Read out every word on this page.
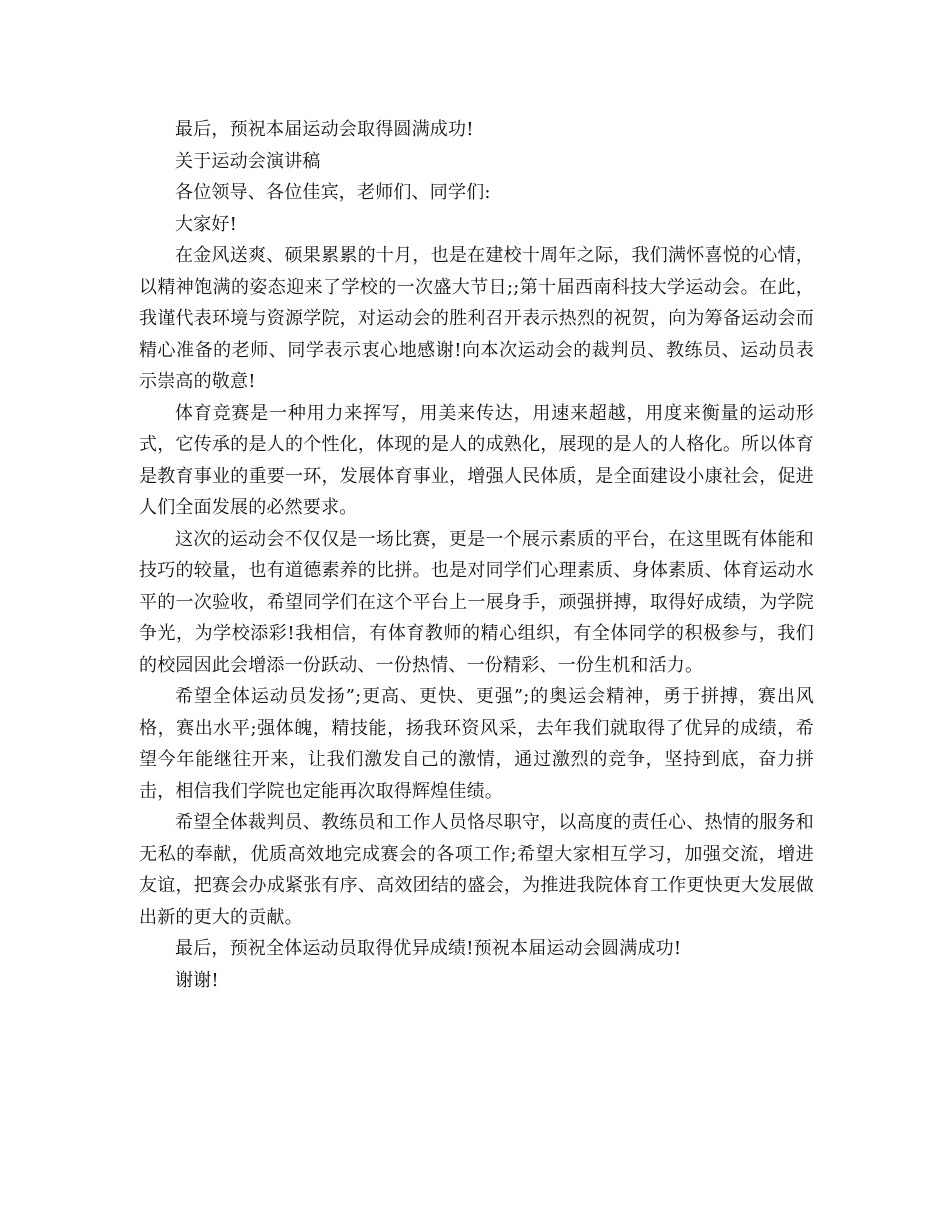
最后，预祝本届运动会取得圆满成功!

关于运动会演讲稿

各位领导、各位佳宾，老师们、同学们:

大家好!

在金风送爽、硕果累累的十月，也是在建校十周年之际，我们满怀喜悦的心情，以精神饱满的姿态迎来了学校的一次盛大节日;;第十届西南科技大学运动会。在此，我谨代表环境与资源学院，对运动会的胜利召开表示热烈的祝贺，向为筹备运动会而精心准备的老师、同学表示衷心地感谢!向本次运动会的裁判员、教练员、运动员表示崇高的敬意!

体育竞赛是一种用力来挥写，用美来传达，用速来超越，用度来衡量的运动形式，它传承的是人的个性化，体现的是人的成熟化，展现的是人的人格化。所以体育是教育事业的重要一环，发展体育事业，增强人民体质，是全面建设小康社会，促进人们全面发展的必然要求。

这次的运动会不仅仅是一场比赛，更是一个展示素质的平台，在这里既有体能和技巧的较量，也有道德素养的比拼。也是对同学们心理素质、身体素质、体育运动水平的一次验收，希望同学们在这个平台上一展身手，顽强拼搏，取得好成绩，为学院争光，为学校添彩!我相信，有体育教师的精心组织，有全体同学的积极参与，我们的校园因此会增添一份跃动、一份热情、一份精彩、一份生机和活力。

希望全体运动员发扬”;更高、更快、更强”;的奥运会精神，勇于拼搏，赛出风格，赛出水平;强体魄，精技能，扬我环资风采，去年我们就取得了优异的成绩，希望今年能继往开来，让我们激发自己的激情，通过激烈的竞争，坚持到底，奋力拼击，相信我们学院也定能再次取得辉煌佳绩。

希望全体裁判员、教练员和工作人员恪尽职守，以高度的责任心、热情的服务和无私的奉献，优质高效地完成赛会的各项工作;希望大家相互学习，加强交流，增进友谊，把赛会办成紧张有序、高效团结的盛会，为推进我院体育工作更快更大发展做出新的更大的贡献。

最后，预祝全体运动员取得优异成绩!预祝本届运动会圆满成功!

谢谢!
